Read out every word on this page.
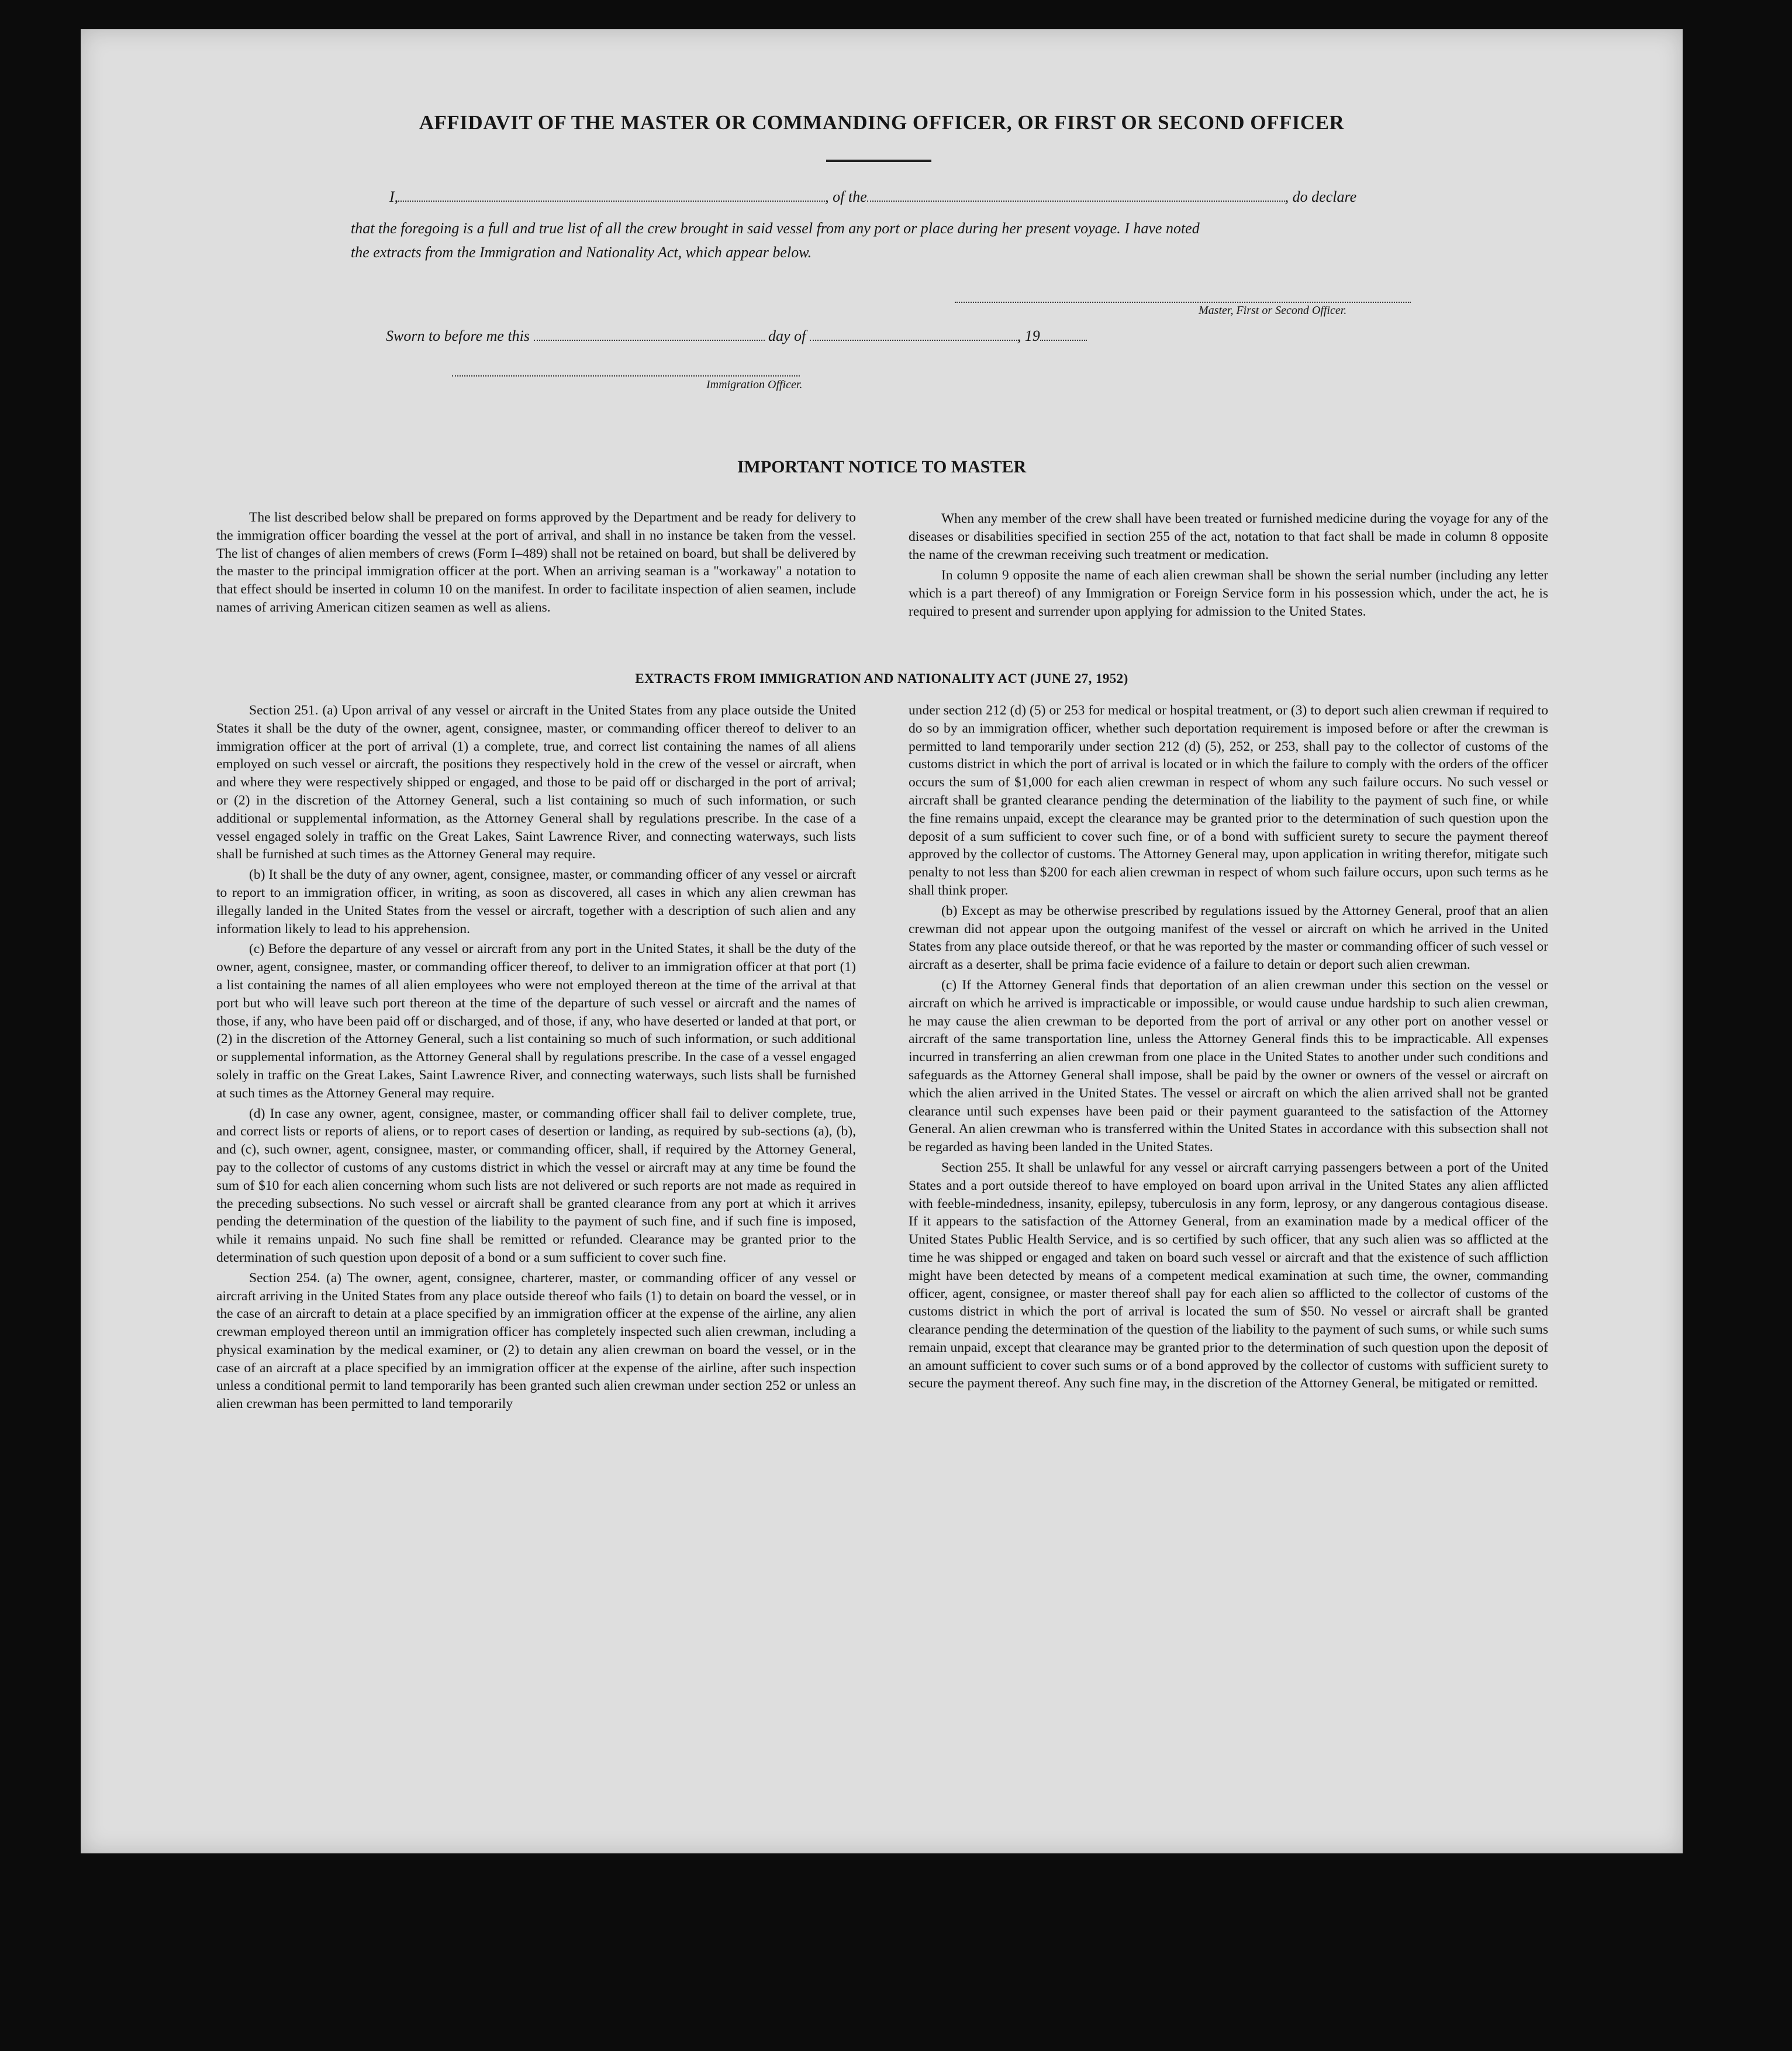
AFFIDAVIT OF THE MASTER OR COMMANDING OFFICER, OR FIRST OR SECOND OFFICER
I,	, of the	, do declare
that the foregoing is a full and true list of all the crew brought in said vessel from any port or place during her present voyage. I have noted
the extracts from the Immigration and Nationality Act, which appear below.
Master, First or Second Officer.
Sworn to before me this	day of	, 19
Immigration Officer.
IMPORTANT NOTICE TO MASTER

The list described below shall be prepared on forms approved by the Department and be ready for delivery to the immigration officer boarding the vessel at the port of arrival, and shall in no instance be taken from the vessel. The list of changes of alien members of crews (Form I–489) shall not be retained on board, but shall be delivered by the master to the principal immigration officer at the port. When an arriving seaman is a "workaway" a notation to that effect should be inserted in column 10 on the manifest. In order to facilitate inspection of alien seamen, include names of arriving American citizen seamen as well as aliens.

When any member of the crew shall have been treated or furnished medicine during the voyage for any of the diseases or disabilities specified in section 255 of the act, notation to that fact shall be made in column 8 opposite the name of the crewman receiving such treatment or medication.

In column 9 opposite the name of each alien crewman shall be shown the serial number (including any letter which is a part thereof) of any Immigration or Foreign Service form in his possession which, under the act, he is required to present and surrender upon applying for admission to the United States.

EXTRACTS FROM IMMIGRATION AND NATIONALITY ACT (JUNE 27, 1952)

Section 251. (a) Upon arrival of any vessel or aircraft in the United States from any place outside the United States it shall be the duty of the owner, agent, consignee, master, or commanding officer thereof to deliver to an immigration officer at the port of arrival (1) a complete, true, and correct list containing the names of all aliens employed on such vessel or aircraft, the positions they respectively hold in the crew of the vessel or aircraft, when and where they were respectively shipped or engaged, and those to be paid off or discharged in the port of arrival; or (2) in the discretion of the Attorney General, such a list containing so much of such information, or such additional or supplemental information, as the Attorney General shall by regulations prescribe. In the case of a vessel engaged solely in traffic on the Great Lakes, Saint Lawrence River, and connecting waterways, such lists shall be furnished at such times as the Attorney General may require.

(b) It shall be the duty of any owner, agent, consignee, master, or commanding officer of any vessel or aircraft to report to an immigration officer, in writing, as soon as discovered, all cases in which any alien crewman has illegally landed in the United States from the vessel or aircraft, together with a description of such alien and any information likely to lead to his apprehension.

(c) Before the departure of any vessel or aircraft from any port in the United States, it shall be the duty of the owner, agent, consignee, master, or commanding officer thereof, to deliver to an immigration officer at that port (1) a list containing the names of all alien employees who were not employed thereon at the time of the arrival at that port but who will leave such port thereon at the time of the departure of such vessel or aircraft and the names of those, if any, who have been paid off or discharged, and of those, if any, who have deserted or landed at that port, or (2) in the discretion of the Attorney General, such a list containing so much of such information, or such additional or supplemental information, as the Attorney General shall by regulations prescribe. In the case of a vessel engaged solely in traffic on the Great Lakes, Saint Lawrence River, and connecting waterways, such lists shall be furnished at such times as the Attorney General may require.

(d) In case any owner, agent, consignee, master, or commanding officer shall fail to deliver complete, true, and correct lists or reports of aliens, or to report cases of desertion or landing, as required by sub-sections (a), (b), and (c), such owner, agent, consignee, master, or commanding officer, shall, if required by the Attorney General, pay to the collector of customs of any customs district in which the vessel or aircraft may at any time be found the sum of $10 for each alien concerning whom such lists are not delivered or such reports are not made as required in the preceding subsections. No such vessel or aircraft shall be granted clearance from any port at which it arrives pending the determination of the question of the liability to the payment of such fine, and if such fine is imposed, while it remains unpaid. No such fine shall be remitted or refunded. Clearance may be granted prior to the determination of such question upon deposit of a bond or a sum sufficient to cover such fine.

Section 254. (a) The owner, agent, consignee, charterer, master, or commanding officer of any vessel or aircraft arriving in the United States from any place outside thereof who fails (1) to detain on board the vessel, or in the case of an aircraft to detain at a place specified by an immigration officer at the expense of the airline, any alien crewman employed thereon until an immigration officer has completely inspected such alien crewman, including a physical examination by the medical examiner, or (2) to detain any alien crewman on board the vessel, or in the case of an aircraft at a place specified by an immigration officer at the expense of the airline, after such inspection unless a conditional permit to land temporarily has been granted such alien crewman under section 252 or unless an alien crewman has been permitted to land temporarily

under section 212 (d) (5) or 253 for medical or hospital treatment, or (3) to deport such alien crewman if required to do so by an immigration officer, whether such deportation requirement is imposed before or after the crewman is permitted to land temporarily under section 212 (d) (5), 252, or 253, shall pay to the collector of customs of the customs district in which the port of arrival is located or in which the failure to comply with the orders of the officer occurs the sum of $1,000 for each alien crewman in respect of whom any such failure occurs. No such vessel or aircraft shall be granted clearance pending the determination of the liability to the payment of such fine, or while the fine remains unpaid, except the clearance may be granted prior to the determination of such question upon the deposit of a sum sufficient to cover such fine, or of a bond with sufficient surety to secure the payment thereof approved by the collector of customs. The Attorney General may, upon application in writing therefor, mitigate such penalty to not less than $200 for each alien crewman in respect of whom such failure occurs, upon such terms as he shall think proper.

(b) Except as may be otherwise prescribed by regulations issued by the Attorney General, proof that an alien crewman did not appear upon the outgoing manifest of the vessel or aircraft on which he arrived in the United States from any place outside thereof, or that he was reported by the master or commanding officer of such vessel or aircraft as a deserter, shall be prima facie evidence of a failure to detain or deport such alien crewman.

(c) If the Attorney General finds that deportation of an alien crewman under this section on the vessel or aircraft on which he arrived is impracticable or impossible, or would cause undue hardship to such alien crewman, he may cause the alien crewman to be deported from the port of arrival or any other port on another vessel or aircraft of the same transportation line, unless the Attorney General finds this to be impracticable. All expenses incurred in transferring an alien crewman from one place in the United States to another under such conditions and safeguards as the Attorney General shall impose, shall be paid by the owner or owners of the vessel or aircraft on which the alien arrived in the United States. The vessel or aircraft on which the alien arrived shall not be granted clearance until such expenses have been paid or their payment guaranteed to the satisfaction of the Attorney General. An alien crewman who is transferred within the United States in accordance with this subsection shall not be regarded as having been landed in the United States.

Section 255. It shall be unlawful for any vessel or aircraft carrying passengers between a port of the United States and a port outside thereof to have employed on board upon arrival in the United States any alien afflicted with feeble-mindedness, insanity, epilepsy, tuberculosis in any form, leprosy, or any dangerous contagious disease. If it appears to the satisfaction of the Attorney General, from an examination made by a medical officer of the United States Public Health Service, and is so certified by such officer, that any such alien was so afflicted at the time he was shipped or engaged and taken on board such vessel or aircraft and that the existence of such affliction might have been detected by means of a competent medical examination at such time, the owner, commanding officer, agent, consignee, or master thereof shall pay for each alien so afflicted to the collector of customs of the customs district in which the port of arrival is located the sum of $50. No vessel or aircraft shall be granted clearance pending the determination of the question of the liability to the payment of such sums, or while such sums remain unpaid, except that clearance may be granted prior to the determination of such question upon the deposit of an amount sufficient to cover such sums or of a bond approved by the collector of customs with sufficient surety to secure the payment thereof. Any such fine may, in the discretion of the Attorney General, be mitigated or remitted.
